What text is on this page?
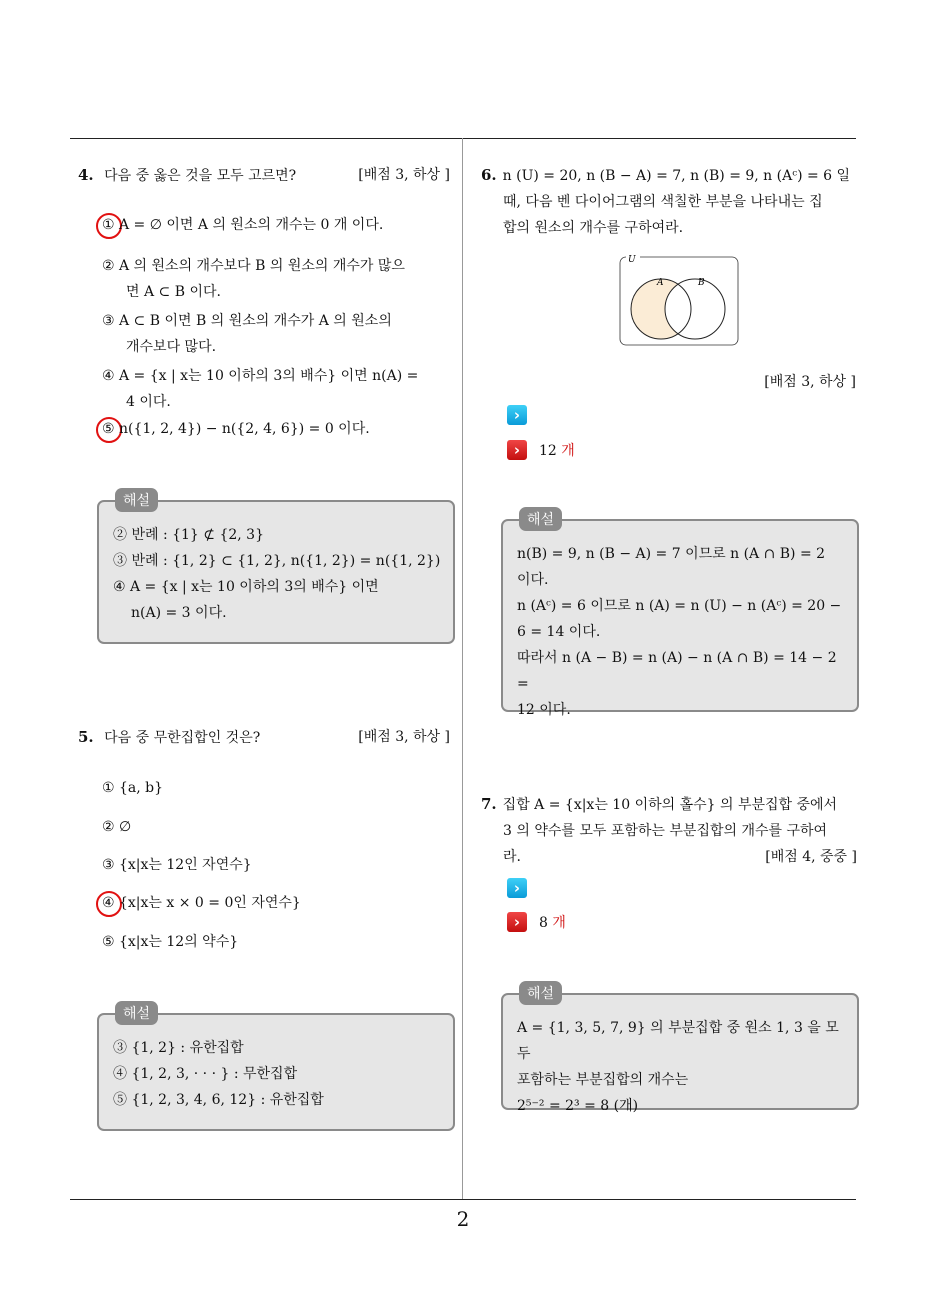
2
4. 다음 중 옳은 것을 모두 고르면?	[배점 3, 하상 ]
① A = ∅ 이면 A 의 원소의 개수는 0 개 이다.
② A 의 원소의 개수보다 B 의 원소의 개수가 많으
면 A ⊂ B 이다.
③ A ⊂ B 이면 B 의 원소의 개수가 A 의 원소의
개수보다 많다.
④ A = {x | x는 10 이하의 3의 배수} 이면 n(A) =
4 이다.
⑤ n({1, 2, 4}) − n({2, 4, 6}) = 0 이다.
해설
② 반례 : {1} ⊄ {2, 3}
③ 반례 : {1, 2} ⊂ {1, 2}, n({1, 2}) = n({1, 2})
④ A = {x | x는 10 이하의 3의 배수} 이면
n(A) = 3 이다.
5. 다음 중 무한집합인 것은?	[배점 3, 하상 ]
① {a, b}
② ∅
③ {x|x는 12인 자연수}
④ {x|x는 x × 0 = 0인 자연수}
⑤ {x|x는 12의 약수}
해설
③ {1, 2} : 유한집합
④ {1, 2, 3, · · · } : 무한집합
⑤ {1, 2, 3, 4, 6, 12} : 유한집합
6. n (U) = 20, n (B − A) = 7, n (B) = 9, n (Aᶜ) = 6 일
때, 다음 벤 다이어그램의 색칠한 부분을 나타내는 집
합의 원소의 개수를 구하여라.
U
A	B
[배점 3, 하상 ]
›
›	12 개
해설
n(B) = 9, n (B − A) = 7 이므로 n (A ∩ B) = 2
이다.
n (Aᶜ) = 6 이므로 n (A) = n (U) − n (Aᶜ) = 20 −
6 = 14 이다.
따라서 n (A − B) = n (A) − n (A ∩ B) = 14 − 2 =
12 이다.
7. 집합 A = {x|x는 10 이하의 홀수} 의 부분집합 중에서
3 의 약수를 모두 포함하는 부분집합의 개수를 구하여
라.	[배점 4, 중중 ]
›
›	8 개
해설
A = {1, 3, 5, 7, 9} 의 부분집합 중 원소 1, 3 을 모두
포함하는 부분집합의 개수는
2⁵⁻² = 2³ = 8 (개)
